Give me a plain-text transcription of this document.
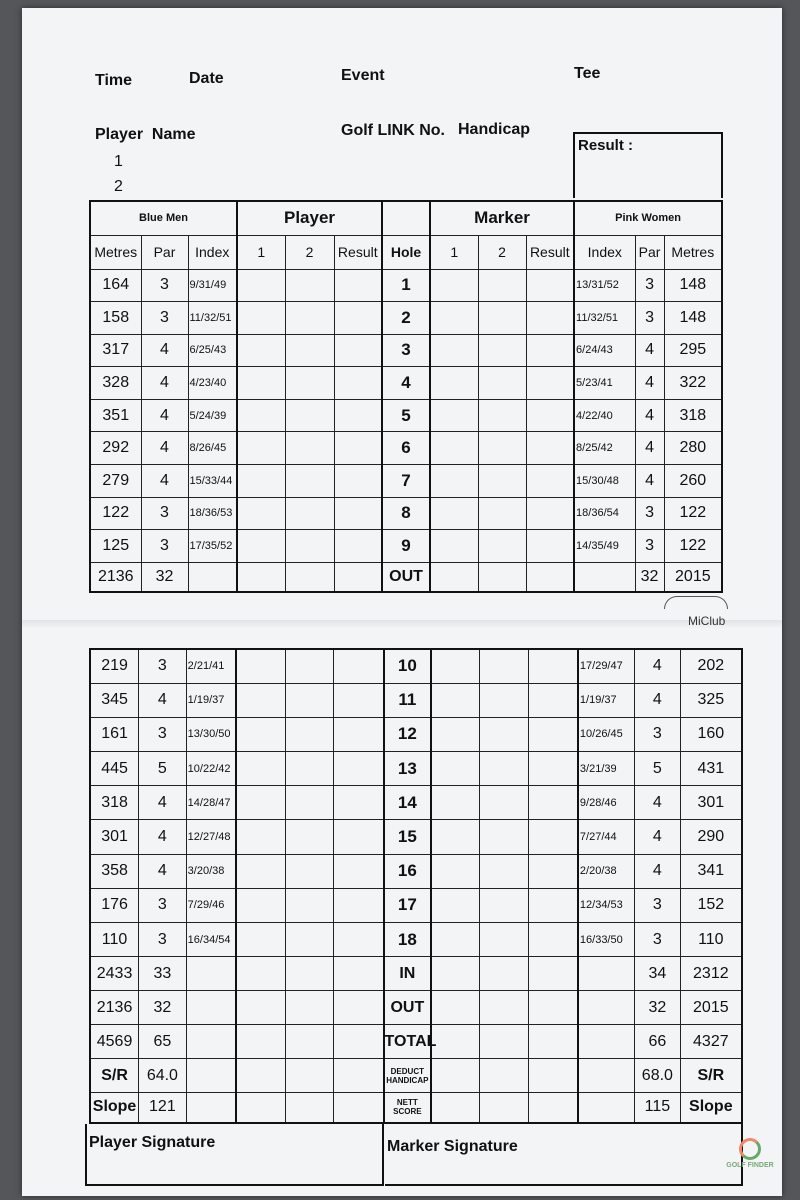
Time	Date	Event	Tee
Player  Name	Golf LINK No. Handicap
1
2
Result :
Blue Men			Player				Marker			Pink Women		
Metres	Par	Index	1	2	Result	Hole	1	2	Result	Index	Par	Metres
164	3	9/31/49				1				13/31/52	3	148
158	3	11/32/51				2				11/32/51	3	148
317	4	6/25/43				3				6/24/43	4	295
328	4	4/23/40				4				5/23/41	4	322
351	4	5/24/39				5				4/22/40	4	318
292	4	8/26/45				6				8/25/42	4	280
279	4	15/33/44				7				15/30/48	4	260
122	3	18/36/53				8				18/36/54	3	122
125	3	17/35/52				9				14/35/49	3	122
2136	32					OUT					32	2015
MiClub
219	3	2/21/41				10				17/29/47	4	202
345	4	1/19/37				11				1/19/37	4	325
161	3	13/30/50				12				10/26/45	3	160
445	5	10/22/42				13				3/21/39	5	431
318	4	14/28/47				14				9/28/46	4	301
301	4	12/27/48				15				7/27/44	4	290
358	4	3/20/38				16				2/20/38	4	341
176	3	7/29/46				17				12/34/53	3	152
110	3	16/34/54				18				16/33/50	3	110
2433	33					IN					34	2312
2136	32					OUT					32	2015
4569	65					TOTAL					66	4327
S/R	64.0					DEDUCT HANDICAP					68.0	S/R
Slope	121					NETT SCORE					115	Slope
Player Signature	Marker Signature
GOLF FINDER
